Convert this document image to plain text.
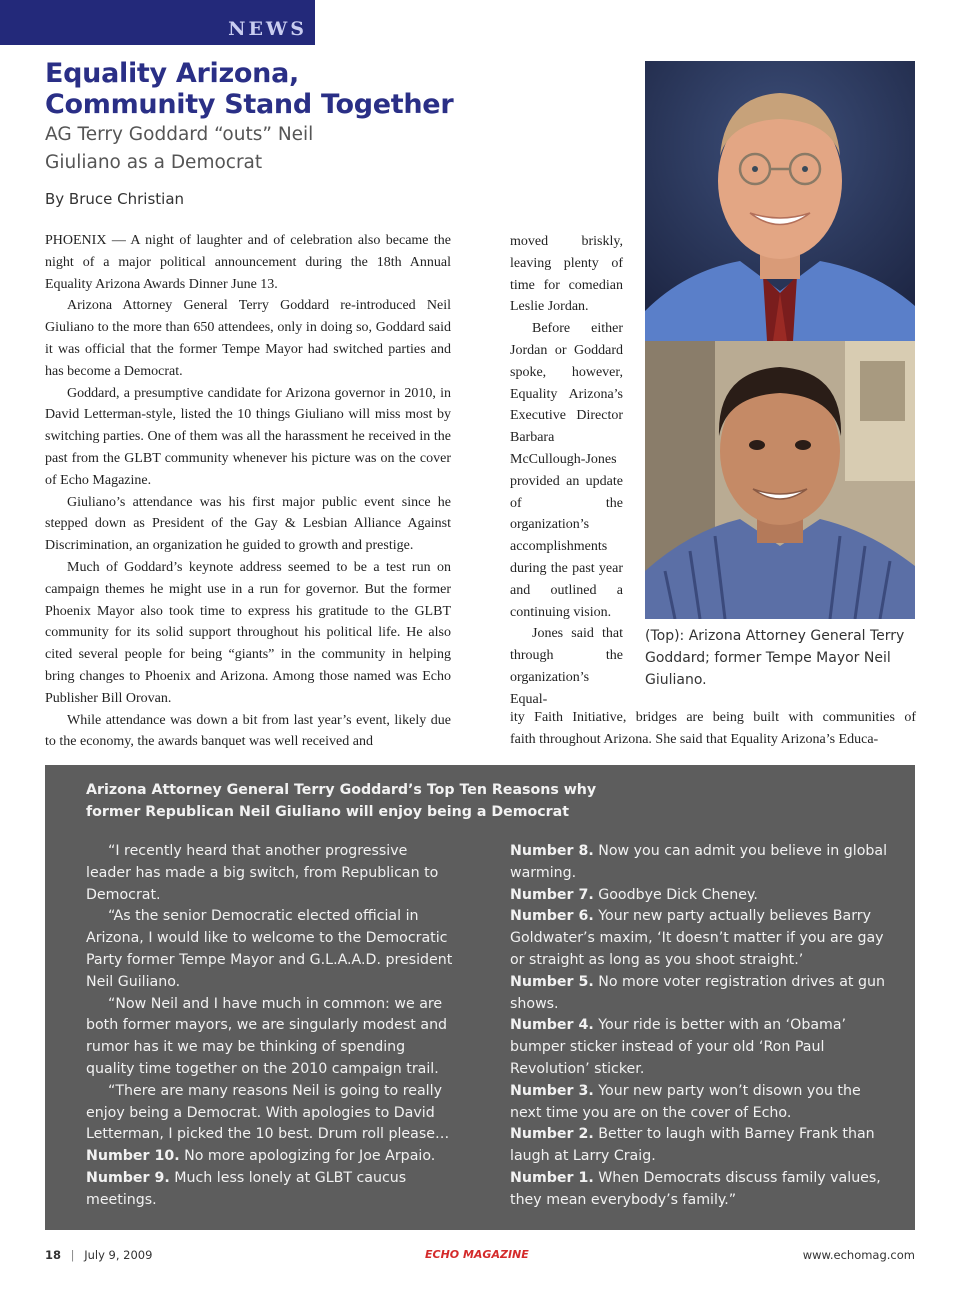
NEWS
Equality Arizona,
Community Stand Together
AG Terry Goddard “outs” Neil Giuliano as a Democrat
By Bruce Christian

PHOENIX — A night of laughter and of celebration also became the night of a major political announcement during the 18th Annual Equality Arizona Awards Dinner June 13.

Arizona Attorney General Terry Goddard re-introduced Neil Giuliano to the more than 650 attendees, only in doing so, Goddard said it was official that the former Tempe Mayor had switched parties and has become a Democrat.

Goddard, a presumptive candidate for Arizona governor in 2010, in David Letterman-style, listed the 10 things Giuliano will miss most by switching parties. One of them was all the harassment he received in the past from the GLBT community whenever his picture was on the cover of Echo Magazine.

Giuliano’s attendance was his first major public event since he stepped down as President of the Gay & Lesbian Alliance Against Discrimination, an organization he guided to growth and prestige.

Much of Goddard’s keynote address seemed to be a test run on campaign themes he might use in a run for governor. But the former Phoenix Mayor also took time to express his gratitude to the GLBT community for its solid support throughout his political life. He also cited several people for being “giants” in the community in helping bring changes to Phoenix and Arizona. Among those named was Echo Publisher Bill Orovan.

While attendance was down a bit from last year’s event, likely due to the economy, the awards banquet was well received and

moved briskly, leaving plenty of time for comedian Leslie Jordan.

Before either Jordan or Goddard spoke, however, Equality Arizona’s Executive Director Barbara McCullough-Jones provided an update of the organization’s accomplishments during the past year and outlined a continuing vision.

Jones said that through the organization’s Equal-

ity Faith Initiative, bridges are being built with communities of
faith throughout Arizona. She said that Equality Arizona’s Educa-
(Top): Arizona Attorney General Terry Goddard; former Tempe Mayor Neil Giuliano.
Arizona Attorney General Terry Goddard’s Top Ten Reasons why former Republican Neil Giuliano will enjoy being a Democrat

“I recently heard that another progressive leader has made a big switch, from Republican to Democrat.

“As the senior Democratic elected official in Arizona, I would like to welcome to the Democratic Party former Tempe Mayor and G.L.A.A.D. president Neil Guiliano.

“Now Neil and I have much in common: we are both former mayors, we are singularly modest and rumor has it we may be thinking of spending quality time together on the 2010 campaign trail.

“There are many reasons Neil is going to really enjoy being a Democrat. With apologies to David Letterman, I picked the 10 best. Drum roll please…

Number 10. No more apologizing for Joe Arpaio.

Number 9. Much less lonely at GLBT caucus meetings.

Number 8. Now you can admit you believe in global warming.

Number 7. Goodbye Dick Cheney.

Number 6. Your new party actually believes Barry Goldwater’s maxim, ‘It doesn’t matter if you are gay or straight as long as you shoot straight.’

Number 5. No more voter registration drives at gun shows.

Number 4. Your ride is better with an ‘Obama’ bumper sticker instead of your old ‘Ron Paul Revolution’ sticker.

Number 3. Your new party won’t disown you the next time you are on the cover of Echo.

Number 2. Better to laugh with Barney Frank than laugh at Larry Craig.

Number 1. When Democrats discuss family values, they mean everybody’s family.”

18 | July 9, 2009	ECHO MAGAZINE	www.echomag.com
